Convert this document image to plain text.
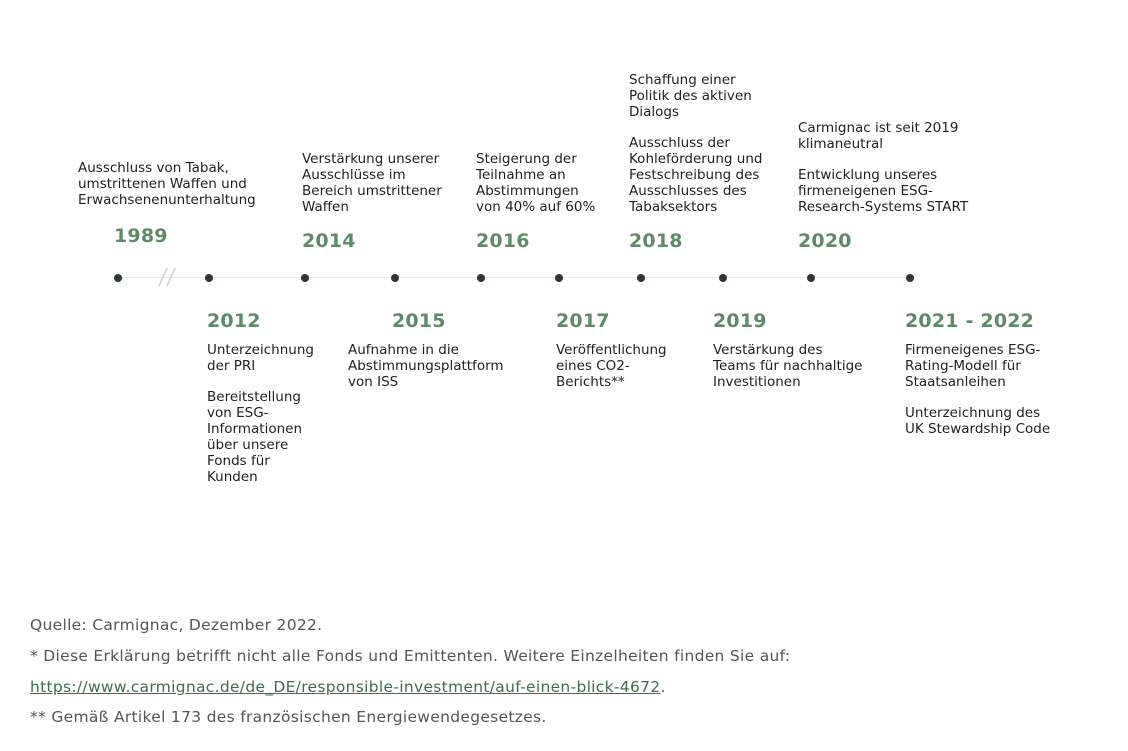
1989

Ausschluss von Tabak,
umstrittenen Waffen und
Erwachsenenunterhaltung

2014

Verstärkung unserer
Ausschlüsse im
Bereich umstrittener
Waffen

2016

Steigerung der
Teilnahme an
Abstimmungen
von 40% auf 60%

2018

Schaffung einer
Politik des aktiven
Dialogs

Ausschluss der
Kohleförderung und
Festschreibung des
Ausschlusses des
Tabaksektors

2020

Carmignac ist seit 2019
klimaneutral

Entwicklung unseres
firmeneigenen ESG-
Research-Systems START

2012

Unterzeichnung
der PRI

Bereitstellung
von ESG-
Informationen
über unsere
Fonds für
Kunden

2015

Aufnahme in die
Abstimmungsplattform
von ISS

2017

Veröffentlichung
eines CO2-
Berichts**

2019

Verstärkung des
Teams für nachhaltige
Investitionen

2021 - 2022

Firmeneigenes ESG-
Rating-Modell für
Staatsanleihen

Unterzeichnung des
UK Stewardship Code

Quelle: Carmignac, Dezember 2022.
* Diese Erklärung betrifft nicht alle Fonds und Emittenten. Weitere Einzelheiten finden Sie auf:
https://www.carmignac.de/de_DE/responsible-investment/auf-einen-blick-4672.
** Gemäß Artikel 173 des französischen Energiewendegesetzes.
